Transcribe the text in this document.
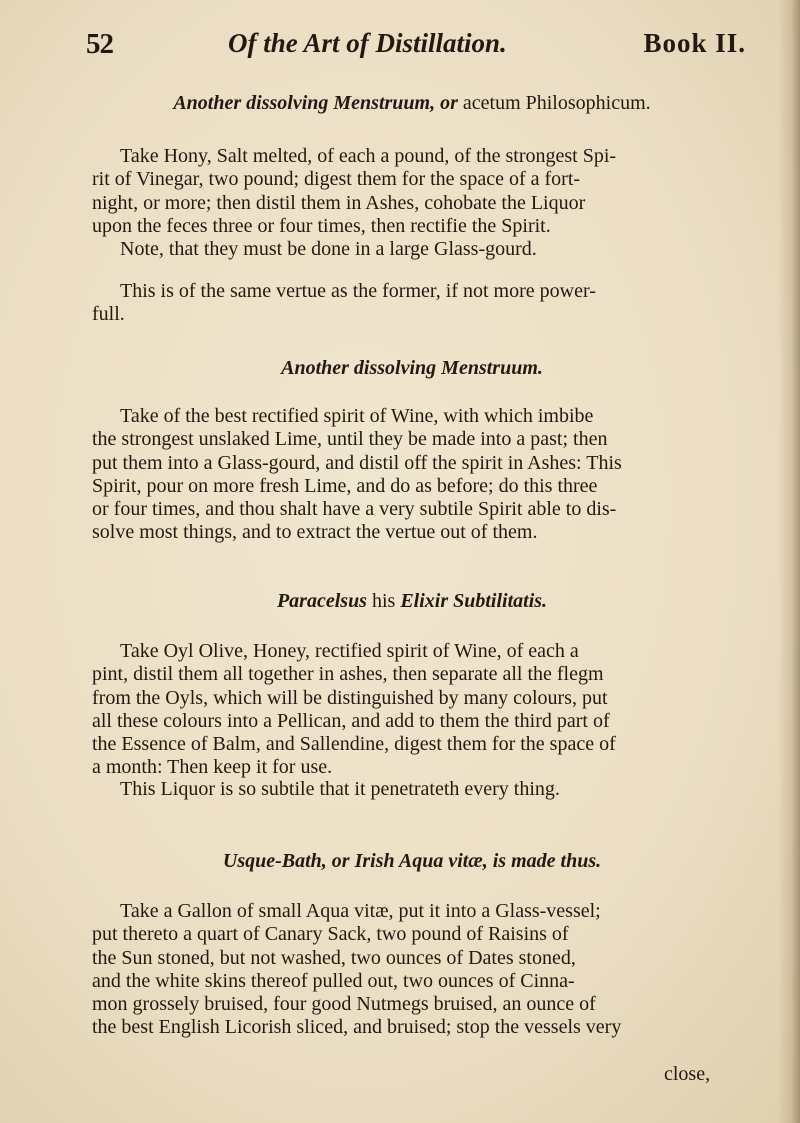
52	Of the Art of Distillation.	Book II.
Another dissolving Menstruum, or acetum Philosophicum.
Take Hony, Salt melted, of each a pound, of the strongest Spi-
rit of Vinegar, two pound; digest them for the space of a fort-
night, or more; then distil them in Ashes, cohobate the Liquor
upon the feces three or four times, then rectifie the Spirit.
Note, that they must be done in a large Glass-gourd.
This is of the same vertue as the former, if not more power-
full.
Another dissolving Menstruum.
Take of the best rectified spirit of Wine, with which imbibe
the strongest unslaked Lime, until they be made into a past; then
put them into a Glass-gourd, and distil off the spirit in Ashes: This
Spirit, pour on more fresh Lime, and do as before; do this three
or four times, and thou shalt have a very subtile Spirit able to dis-
solve most things, and to extract the vertue out of them.
Paracelsus his Elixir Subtilitatis.
Take Oyl Olive, Honey, rectified spirit of Wine, of each a
pint, distil them all together in ashes, then separate all the flegm
from the Oyls, which will be distinguished by many colours, put
all these colours into a Pellican, and add to them the third part of
the Essence of Balm, and Sallendine, digest them for the space of
a month: Then keep it for use.
This Liquor is so subtile that it penetrateth every thing.
Usque-Bath, or Irish Aqua vitæ, is made thus.
Take a Gallon of small Aqua vitæ, put it into a Glass-vessel;
put thereto a quart of Canary Sack, two pound of Raisins of
the Sun stoned, but not washed, two ounces of Dates stoned,
and the white skins thereof pulled out, two ounces of Cinna-
mon grossely bruised, four good Nutmegs bruised, an ounce of
the best English Licorish sliced, and bruised; stop the vessels very
close,
